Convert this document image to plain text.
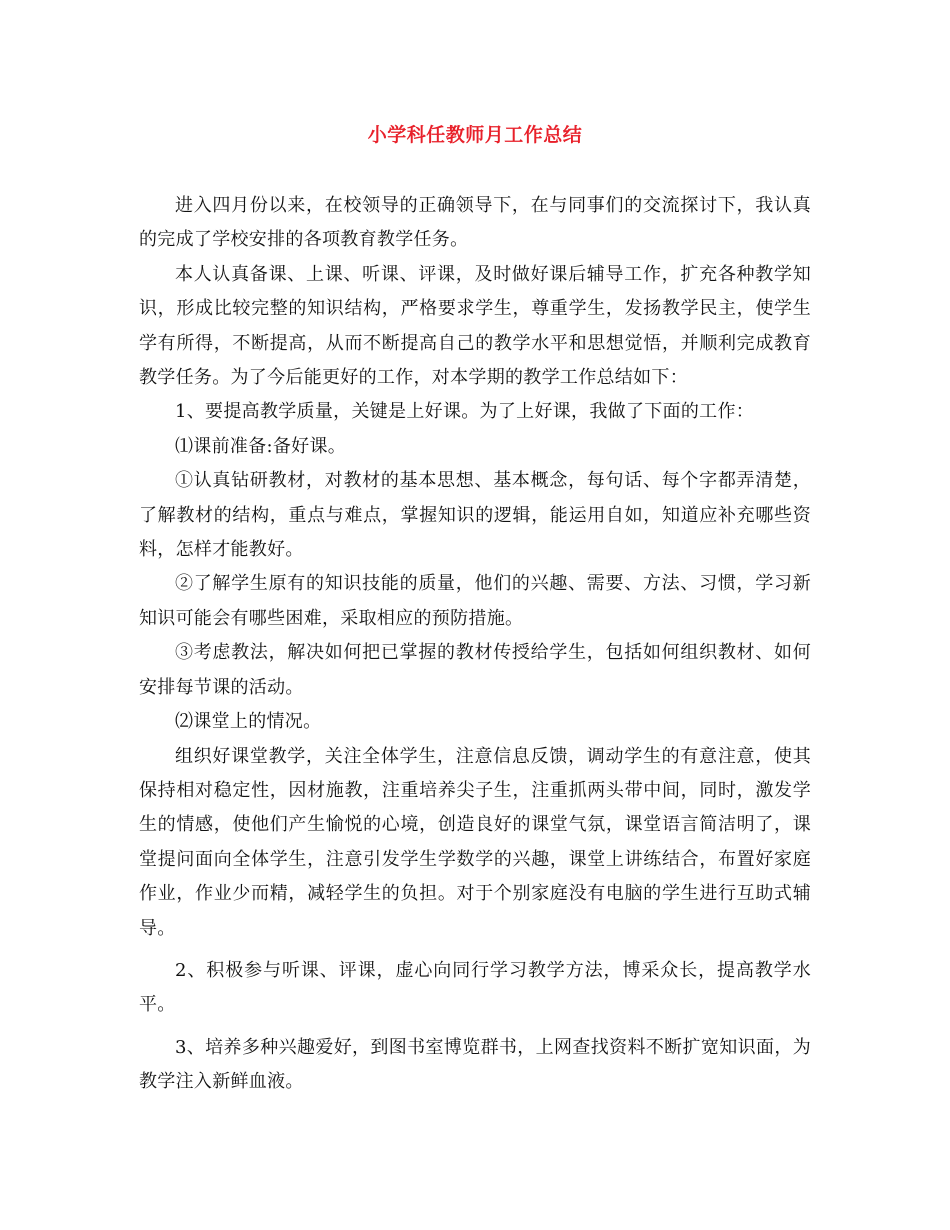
小学科任教师月工作总结

进入四月份以来，在校领导的正确领导下，在与同事们的交流探讨下，我认真的完成了学校安排的各项教育教学任务。

本人认真备课、上课、听课、评课，及时做好课后辅导工作，扩充各种教学知识，形成比较完整的知识结构，严格要求学生，尊重学生，发扬教学民主，使学生学有所得，不断提高，从而不断提高自己的教学水平和思想觉悟，并顺利完成教育教学任务。为了今后能更好的工作，对本学期的教学工作总结如下：

1、要提高教学质量，关键是上好课。为了上好课，我做了下面的工作：

⑴课前准备:备好课。

①认真钻研教材，对教材的基本思想、基本概念，每句话、每个字都弄清楚，了解教材的结构，重点与难点，掌握知识的逻辑，能运用自如，知道应补充哪些资料，怎样才能教好。

②了解学生原有的知识技能的质量，他们的兴趣、需要、方法、习惯，学习新知识可能会有哪些困难，采取相应的预防措施。

③考虑教法，解决如何把已掌握的教材传授给学生，包括如何组织教材、如何安排每节课的活动。

⑵课堂上的情况。

组织好课堂教学，关注全体学生，注意信息反馈，调动学生的有意注意，使其保持相对稳定性，因材施教，注重培养尖子生，注重抓两头带中间，同时，激发学生的情感，使他们产生愉悦的心境，创造良好的课堂气氛，课堂语言简洁明了，课堂提问面向全体学生，注意引发学生学数学的兴趣，课堂上讲练结合，布置好家庭作业，作业少而精，减轻学生的负担。对于个别家庭没有电脑的学生进行互助式辅导。

2、积极参与听课、评课，虚心向同行学习教学方法，博采众长，提高教学水平。

3、培养多种兴趣爱好，到图书室博览群书，上网查找资料不断扩宽知识面，为教学注入新鲜血液。
